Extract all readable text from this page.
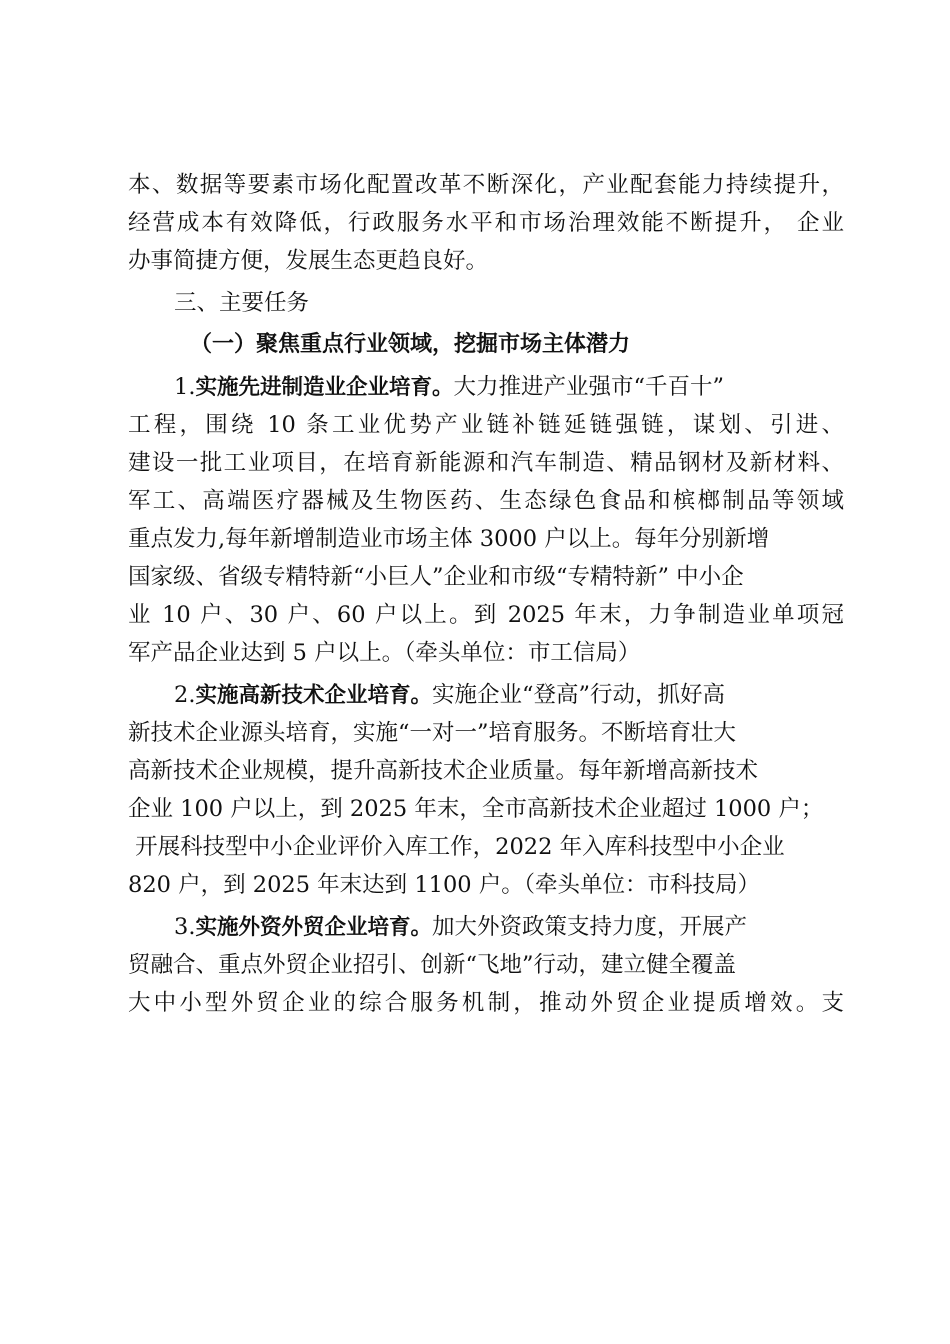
本、数据等要素市场化配置改革不断深化，产业配套能力持续提升，
经营成本有效降低，行政服务水平和市场治理效能不断提升， 企业
办事简捷方便，发展生态更趋良好。
三、主要任务
（一）聚焦重点行业领域，挖掘市场主体潜力
1.实施先进制造业企业培育。大力推进产业强市“千百十”
工程，围绕 10 条工业优势产业链补链延链强链，谋划、引进、
建设一批工业项目，在培育新能源和汽车制造、精品钢材及新材料、
军工、高端医疗器械及生物医药、生态绿色食品和槟榔制品等领域
重点发力,每年新增制造业市场主体 3000 户以上。每年分别新增
国家级、省级专精特新“小巨人”企业和市级“专精特新” 中小企
业 10 户、30 户、60 户以上。到 2025 年末，力争制造业单项冠
军产品企业达到 5 户以上。（牵头单位：市工信局）
2.实施高新技术企业培育。实施企业“登高”行动，抓好高
新技术企业源头培育，实施“一对一”培育服务。不断培育壮大
高新技术企业规模，提升高新技术企业质量。每年新增高新技术
企业 100 户以上，到 2025 年末，全市高新技术企业超过 1000 户；
开展科技型中小企业评价入库工作，2022 年入库科技型中小企业
820 户，到 2025 年末达到 1100 户。（牵头单位：市科技局）
3.实施外资外贸企业培育。加大外资政策支持力度，开展产
贸融合、重点外贸企业招引、创新“飞地”行动，建立健全覆盖
大中小型外贸企业的综合服务机制，推动外贸企业提质增效。支
